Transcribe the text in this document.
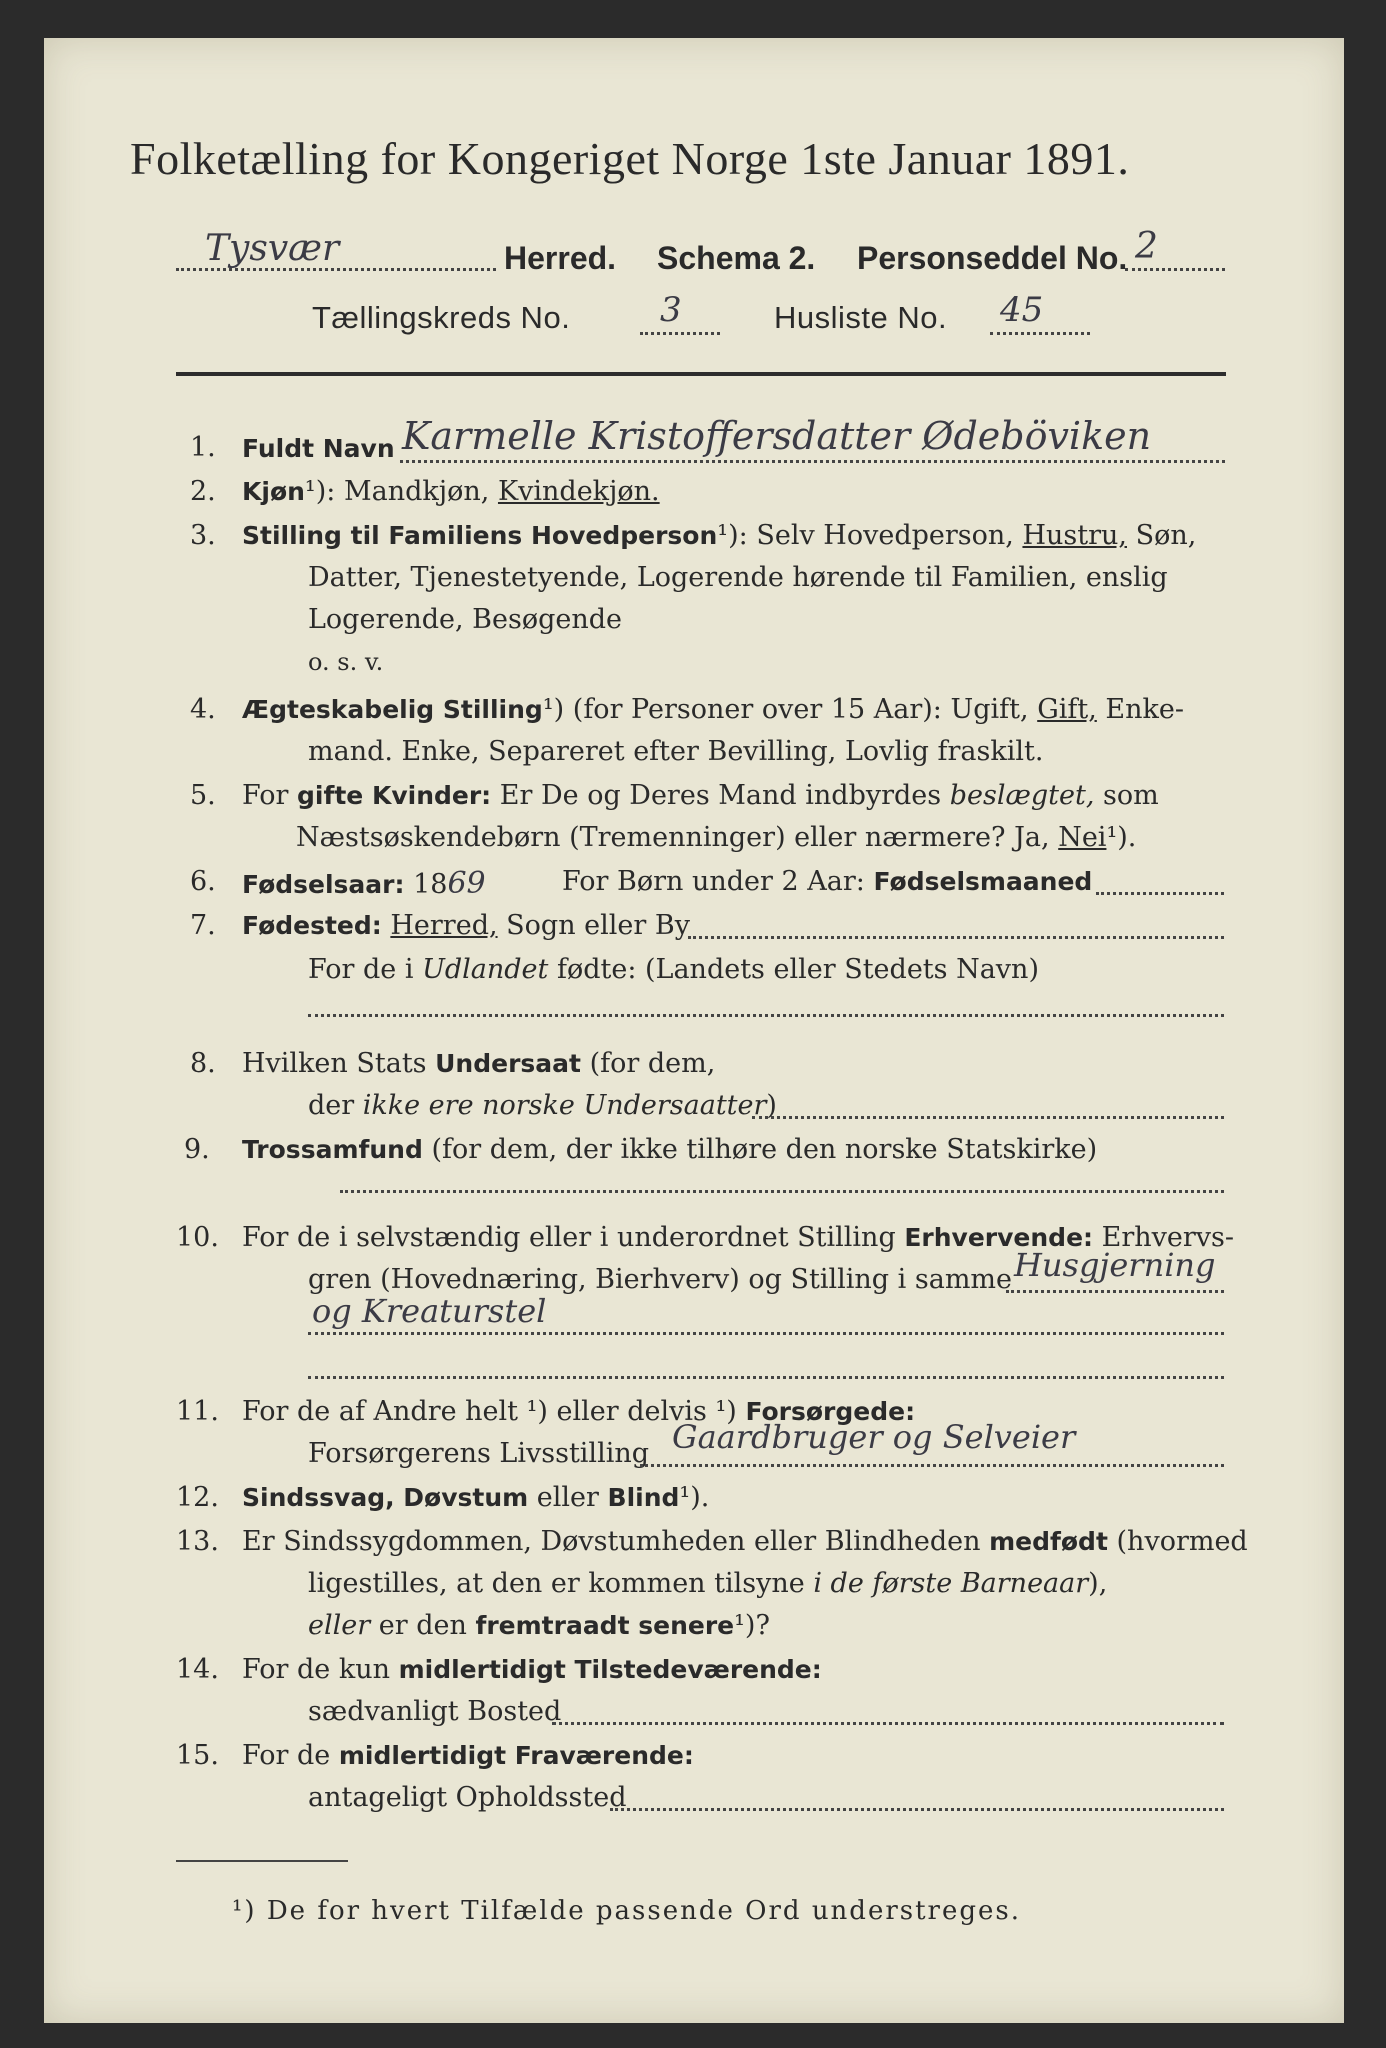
Folketælling for Kongeriget Norge 1ste Januar 1891.
Tysvær	Herred. Schema 2. Personseddel No. 2
Tællingskreds No.	3	Husliste No. 45
1. Fuldt Navn Karmelle Kristoffersdatter Ødeböviken
2. Kjøn¹): Mandkjøn, Kvindekjøn.
3. Stilling til Familiens Hovedperson¹): Selv Hovedperson, Hustru, Søn,
Datter, Tjenestetyende, Logerende hørende til Familien, enslig
Logerende, Besøgende
o. s. v.
4. Ægteskabelig Stilling¹) (for Personer over 15 Aar): Ugift, Gift, Enke-
mand. Enke, Separeret efter Bevilling, Lovlig fraskilt.
5. For gifte Kvinder: Er De og Deres Mand indbyrdes beslægtet, som
Næstsøskendebørn (Tremenninger) eller nærmere? Ja, Nei¹).
6. Fødselsaar: 1869	For Børn under 2 Aar: Fødselsmaaned
7. Fødested: Herred, Sogn eller By
For de i Udlandet fødte: (Landets eller Stedets Navn)
8. Hvilken Stats Undersaat (for dem,
der ikke ere norske Undersaatter)
9. Trossamfund (for dem, der ikke tilhøre den norske Statskirke)
10. For de i selvstændig eller i underordnet Stilling Erhvervende: Erhvervs-
gren (Hovednæring, Bierhverv) og Stilling i samme Husgjerning
og Kreaturstel
11. For de af Andre helt ¹) eller delvis ¹) Forsørgede:
Forsørgerens Livsstilling Gaardbruger og Selveier
12. Sindssvag, Døvstum eller Blind¹).
13. Er Sindssygdommen, Døvstumheden eller Blindheden medfødt (hvormed
ligestilles, at den er kommen tilsyne i de første Barneaar),
eller er den fremtraadt senere¹)?
14. For de kun midlertidigt Tilstedeværende:
sædvanligt Bosted
15. For de midlertidigt Fraværende:
antageligt Opholdssted
¹) De for hvert Tilfælde passende Ord understreges.
